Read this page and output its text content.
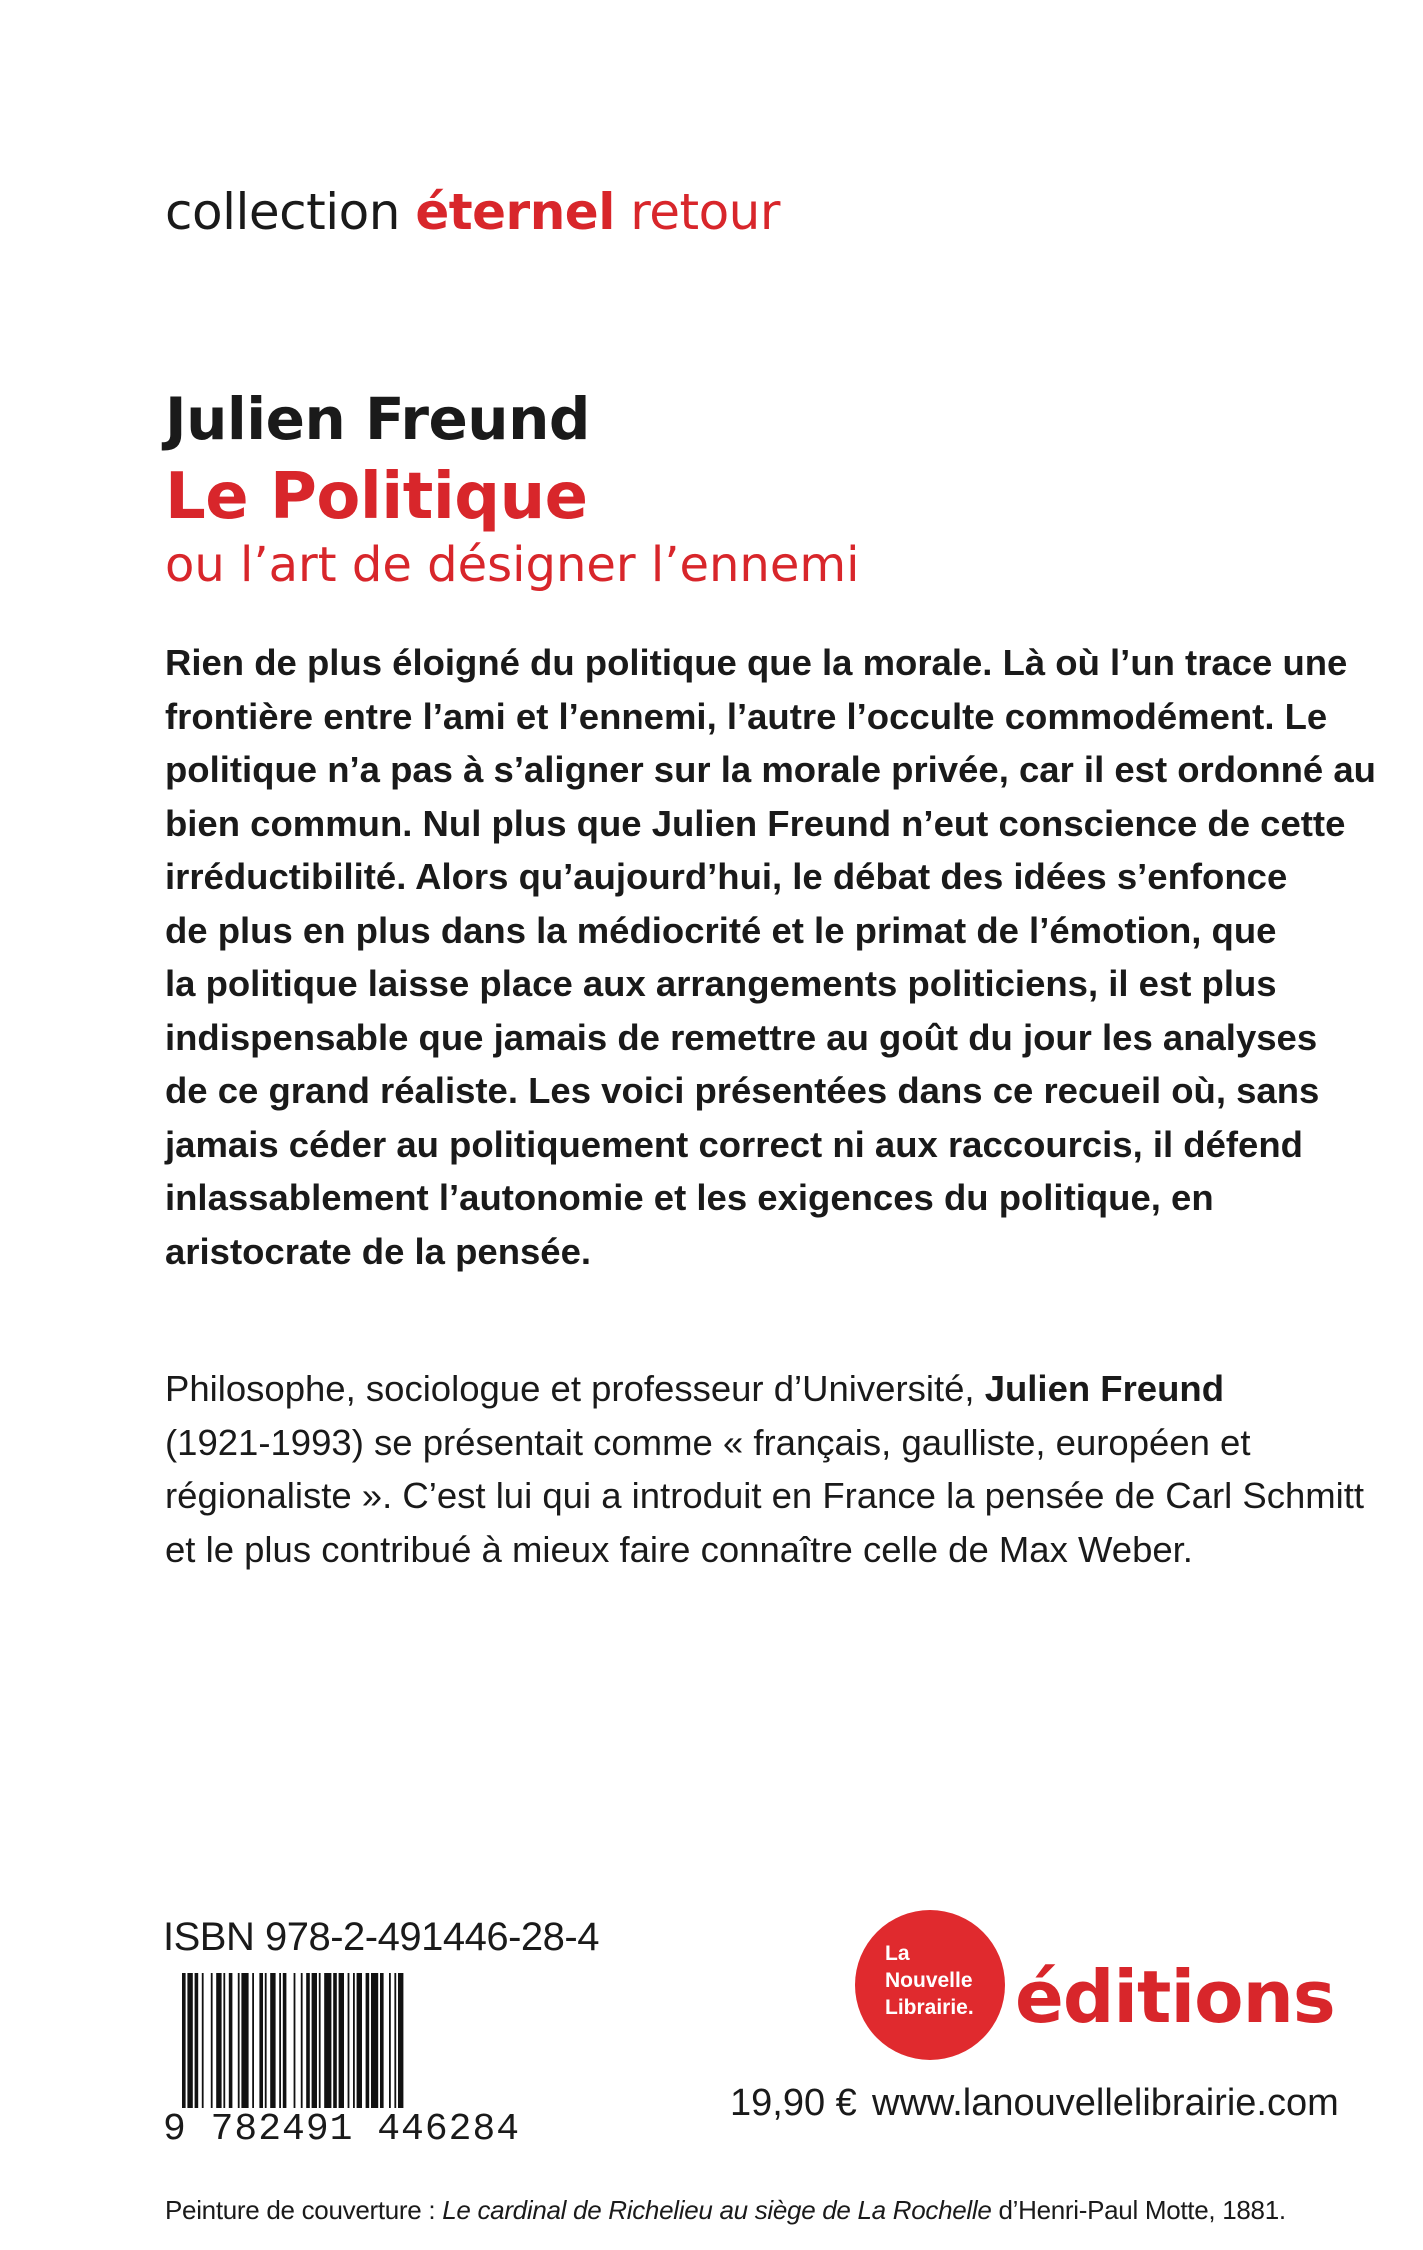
collection éternel retour
Julien Freund
Le Politique
ou l’art de désigner l’ennemi
Rien de plus éloigné du politique que la morale. Là où l’un trace une
frontière entre l’ami et l’ennemi, l’autre l’occulte commodément. Le
politique n’a pas à s’aligner sur la morale privée, car il est ordonné au
bien commun. Nul plus que Julien Freund n’eut conscience de cette
irréductibilité. Alors qu’aujourd’hui, le débat des idées s’enfonce
de plus en plus dans la médiocrité et le primat de l’émotion, que
la politique laisse place aux arrangements politiciens, il est plus
indispensable que jamais de remettre au goût du jour les analyses
de ce grand réaliste. Les voici présentées dans ce recueil où, sans
jamais céder au politiquement correct ni aux raccourcis, il défend
inlassablement l’autonomie et les exigences du politique, en
aristocrate de la pensée.
Philosophe, sociologue et professeur d’Université, Julien Freund
(1921-1993) se présentait comme « français, gaulliste, européen et
régionaliste ». C’est lui qui a introduit en France la pensée de Carl Schmitt
et le plus contribué à mieux faire connaître celle de Max Weber.
ISBN 978-2-491446-28-4
9 782491 446284
La
Nouvelle
Librairie. éditions
19,90 € www.lanouvellelibrairie.com
Peinture de couverture : Le cardinal de Richelieu au siège de La Rochelle d’Henri-Paul Motte, 1881.
